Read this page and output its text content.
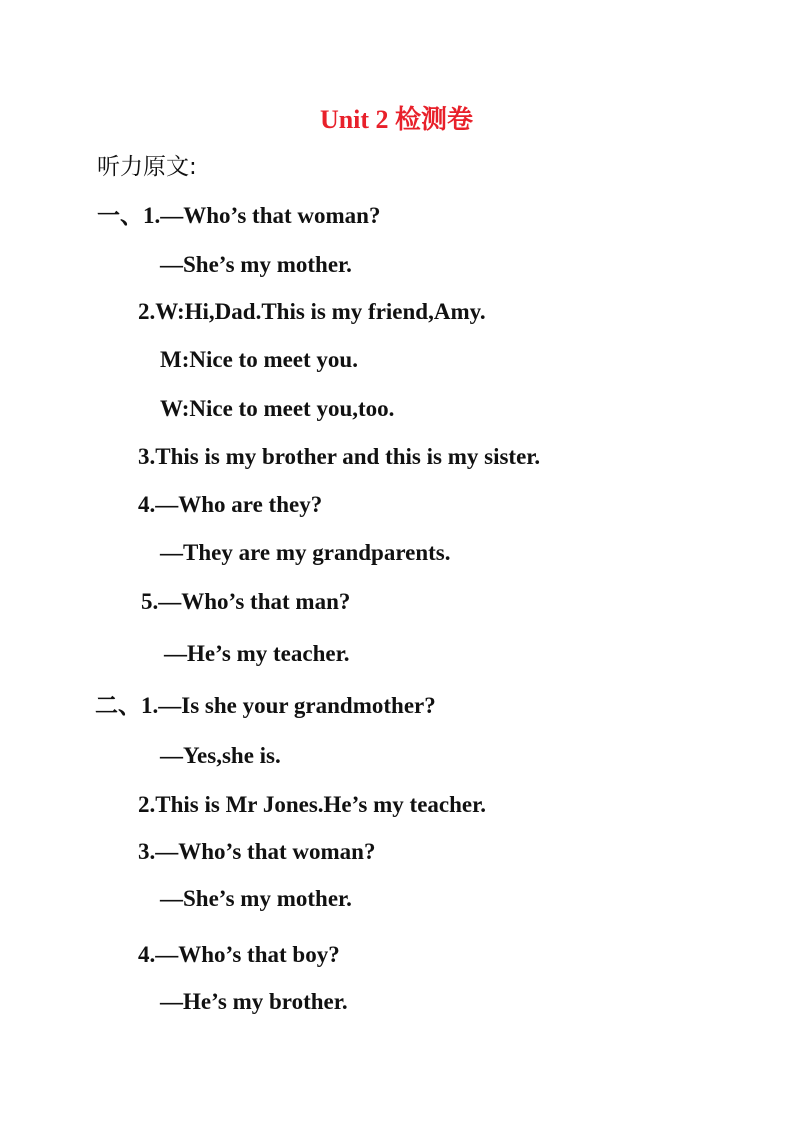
Unit 2 检测卷
听力原文:
一、1.—Who’s that woman?
—She’s my mother.
2.W:Hi,Dad.This is my friend,Amy.
M:Nice to meet you.
W:Nice to meet you,too.
3.This is my brother and this is my sister.
4.—Who are they?
—They are my grandparents.
5.—Who’s that man?
—He’s my teacher.
二、1.—Is she your grandmother?
—Yes,she is.
2.This is Mr Jones.He’s my teacher.
3.—Who’s that woman?
—She’s my mother.
4.—Who’s that boy?
—He’s my brother.
